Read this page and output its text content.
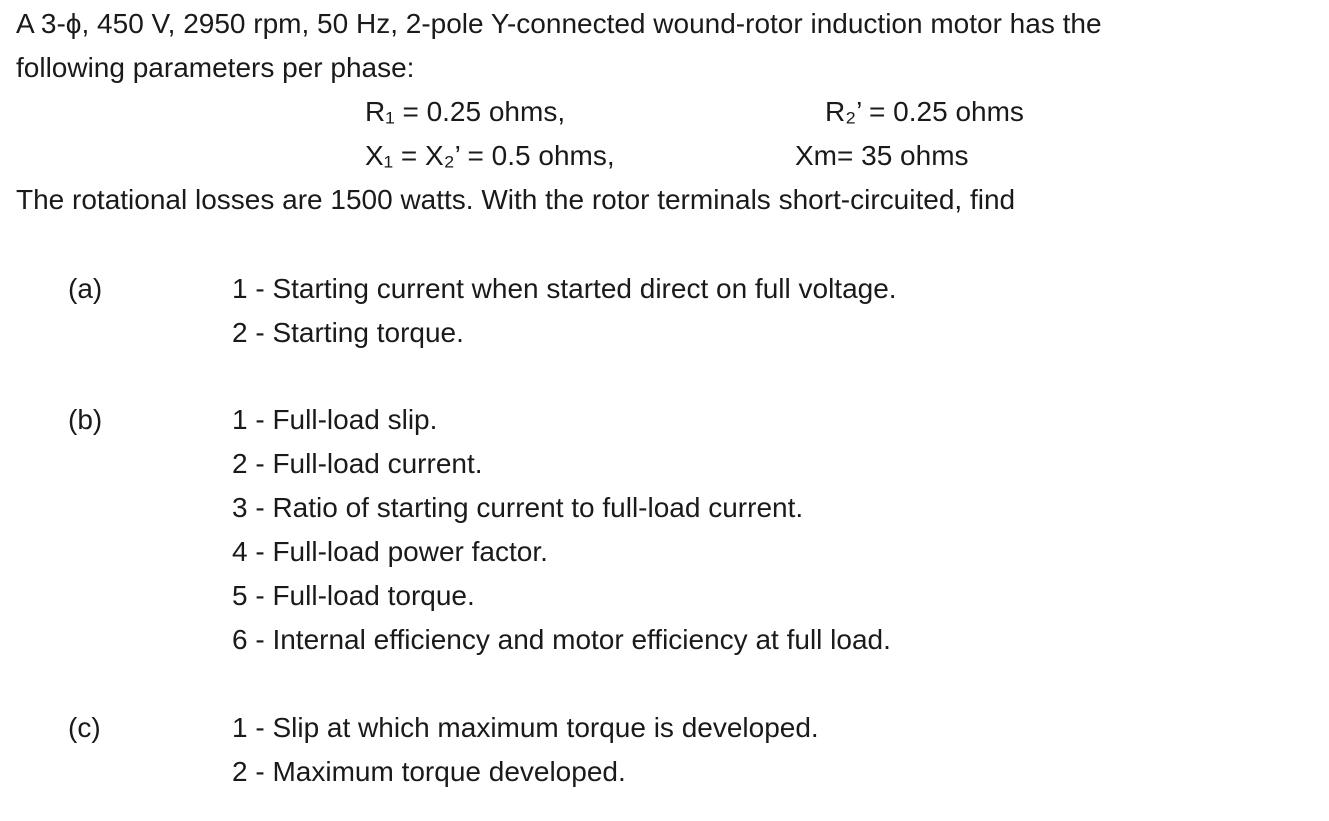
A 3-ϕ, 450 V, 2950 rpm, 50 Hz, 2-pole Y-connected wound-rotor induction motor has the
following parameters per phase:
R₁ = 0.25 ohms,	R₂’ = 0.25 ohms
X₁ = X₂’ = 0.5 ohms,	Xm= 35 ohms
The rotational losses are 1500 watts. With the rotor terminals short-circuited, find
(a)	1 - Starting current when started direct on full voltage.
2 - Starting torque.
(b)	1 - Full-load slip.
2 - Full-load current.
3 - Ratio of starting current to full-load current.
4 - Full-load power factor.
5 - Full-load torque.
6 - Internal efficiency and motor efficiency at full load.
(c)	1 - Slip at which maximum torque is developed.
2 - Maximum torque developed.
